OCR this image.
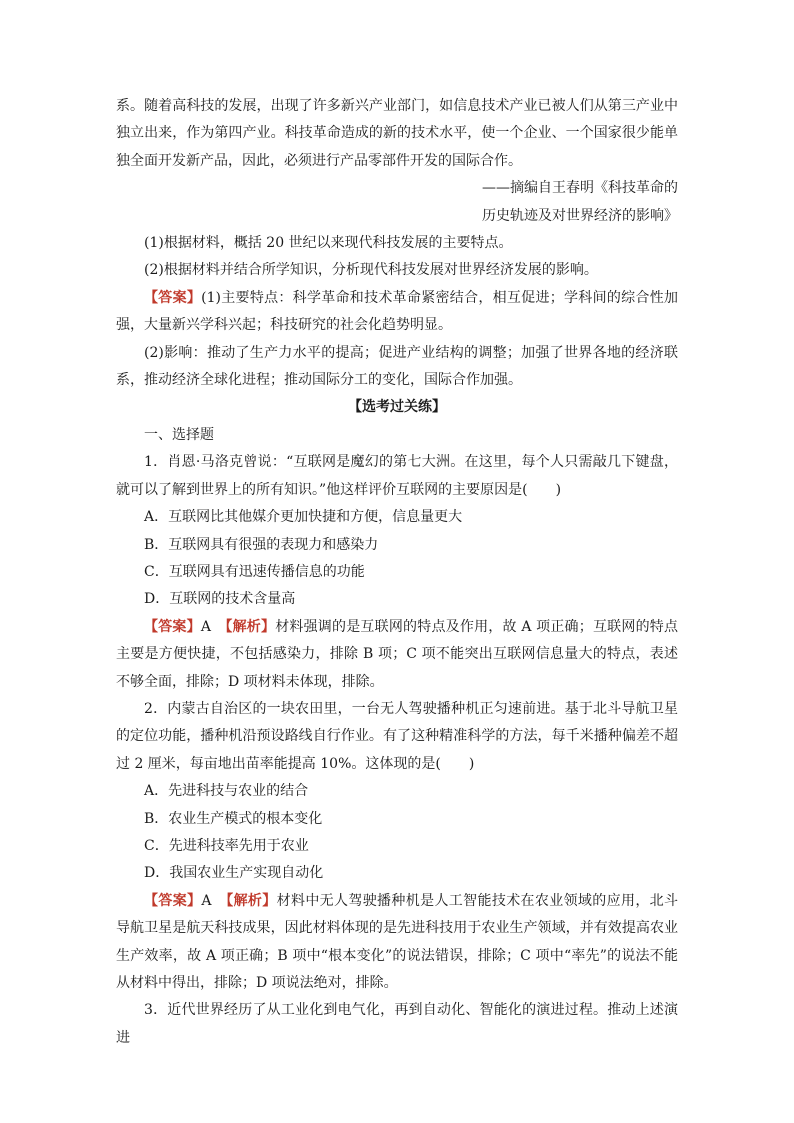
系。随着高科技的发展，出现了许多新兴产业部门，如信息技术产业已被人们从第三产业中独立出来，作为第四产业。科技革命造成的新的技术水平，使一个企业、一个国家很少能单独全面开发新产品，因此，必须进行产品零部件开发的国际合作。

——摘编自王春明《科技革命的

历史轨迹及对世界经济的影响》

(1)根据材料，概括 20 世纪以来现代科技发展的主要特点。

(2)根据材料并结合所学知识，分析现代科技发展对世界经济发展的影响。

【答案】(1)主要特点：科学革命和技术革命紧密结合，相互促进；学科间的综合性加强，大量新兴学科兴起；科技研究的社会化趋势明显。

(2)影响：推动了生产力水平的提高；促进产业结构的调整；加强了世界各地的经济联系，推动经济全球化进程；推动国际分工的变化，国际合作加强。

【选考过关练】

一、选择题

1．肖恩·马洛克曾说：“互联网是魔幻的第七大洲。在这里，每个人只需敲几下键盘，就可以了解到世界上的所有知识。”他这样评价互联网的主要原因是(　　)

A．互联网比其他媒介更加快捷和方便，信息量更大

B．互联网具有很强的表现力和感染力

C．互联网具有迅速传播信息的功能

D．互联网的技术含量高

【答案】A　【解析】材料强调的是互联网的特点及作用，故 A 项正确；互联网的特点主要是方便快捷，不包括感染力，排除 B 项；C 项不能突出互联网信息量大的特点，表述不够全面，排除；D 项材料未体现，排除。

2．内蒙古自治区的一块农田里，一台无人驾驶播种机正匀速前进。基于北斗导航卫星的定位功能，播种机沿预设路线自行作业。有了这种精准科学的方法，每千米播种偏差不超过 2 厘米，每亩地出苗率能提高 10%。这体现的是(　　)

A．先进科技与农业的结合

B．农业生产模式的根本变化

C．先进科技率先用于农业

D．我国农业生产实现自动化

【答案】A　【解析】材料中无人驾驶播种机是人工智能技术在农业领域的应用，北斗导航卫星是航天科技成果，因此材料体现的是先进科技用于农业生产领域，并有效提高农业生产效率，故 A 项正确；B 项中“根本变化”的说法错误，排除；C 项中“率先”的说法不能从材料中得出，排除；D 项说法绝对，排除。

3．近代世界经历了从工业化到电气化，再到自动化、智能化的演进过程。推动上述演进
